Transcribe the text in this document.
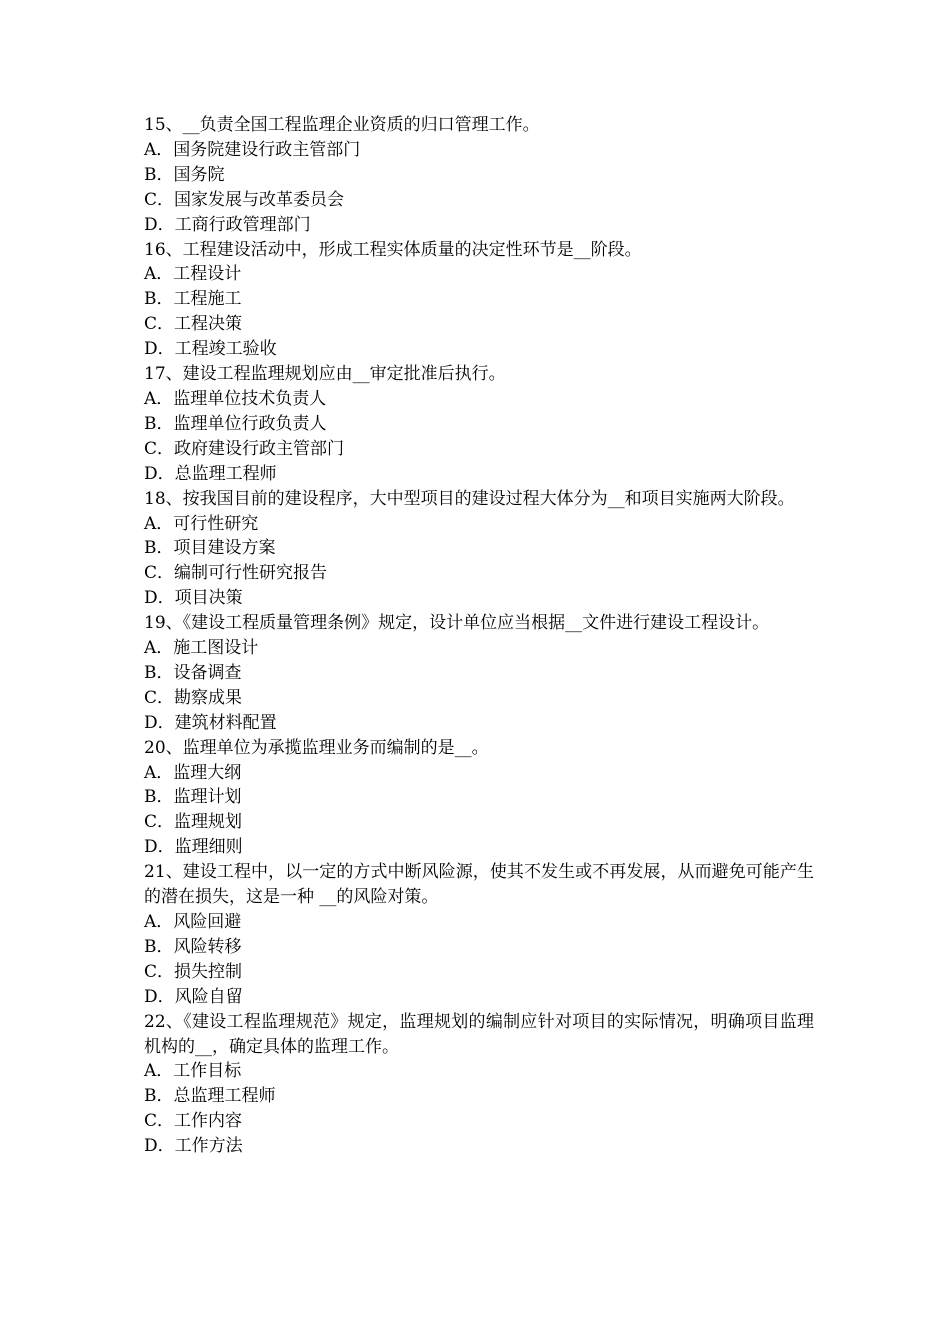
15、__负责全国工程监理企业资质的归口管理工作。

A．国务院建设行政主管部门

B．国务院

C．国家发展与改革委员会

D．工商行政管理部门

16、工程建设活动中，形成工程实体质量的决定性环节是__阶段。

A．工程设计

B．工程施工

C．工程决策

D．工程竣工验收

17、建设工程监理规划应由__审定批准后执行。

A．监理单位技术负责人

B．监理单位行政负责人

C．政府建设行政主管部门

D．总监理工程师

18、按我国目前的建设程序，大中型项目的建设过程大体分为__和项目实施两大阶段。

A．可行性研究

B．项目建设方案

C．编制可行性研究报告

D．项目决策

19、《建设工程质量管理条例》规定，设计单位应当根据__文件进行建设工程设计。

A．施工图设计

B．设备调查

C．勘察成果

D．建筑材料配置

20、监理单位为承揽监理业务而编制的是__。

A．监理大纲

B．监理计划

C．监理规划

D．监理细则

21、建设工程中，以一定的方式中断风险源，使其不发生或不再发展，从而避免可能产生的潜在损失，这是一种 __的风险对策。

A．风险回避

B．风险转移

C．损失控制

D．风险自留

22、《建设工程监理规范》规定，监理规划的编制应针对项目的实际情况，明确项目监理机构的__，确定具体的监理工作。

A．工作目标

B．总监理工程师

C．工作内容

D．工作方法
